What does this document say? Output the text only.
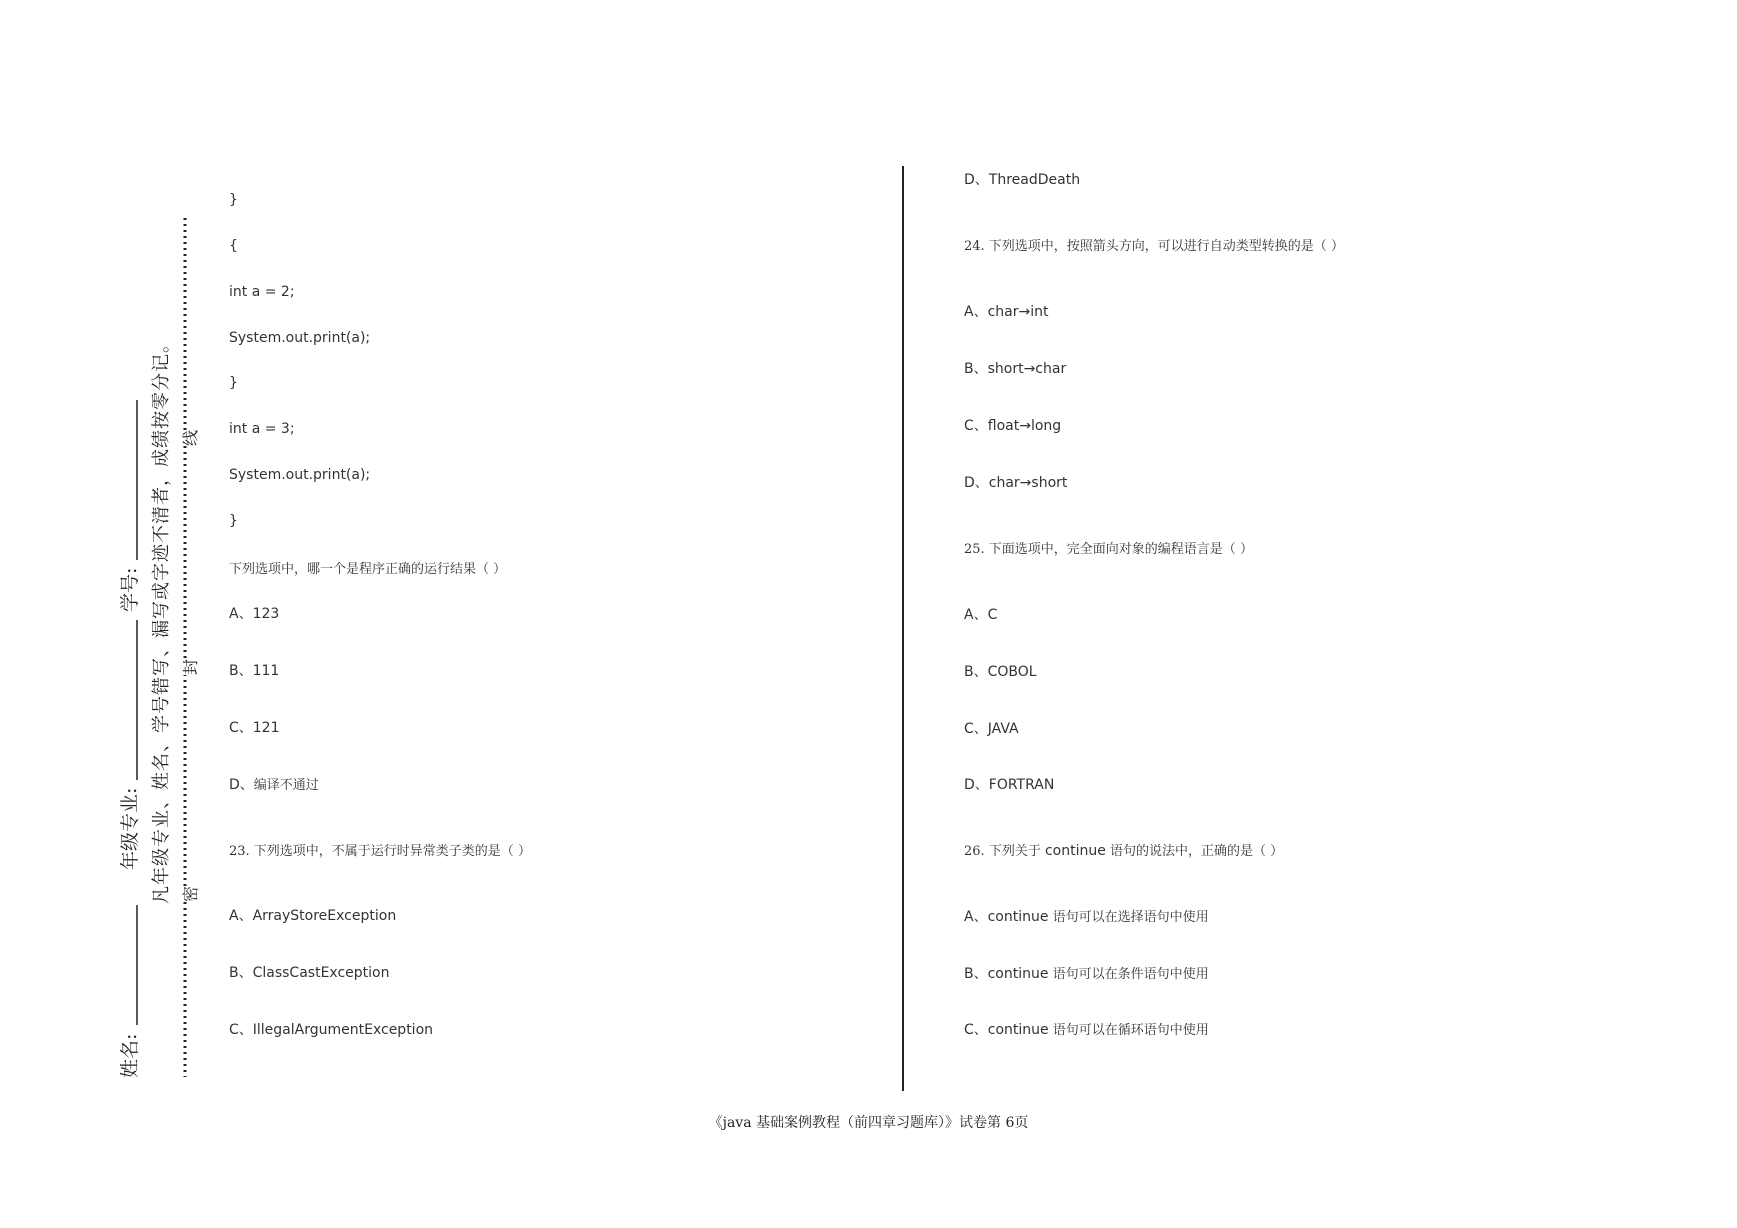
姓名:
年级专业:
学号: 凡年级专业、姓名、学号错写、漏写或字迹不清者，成绩按零分记。 密
封
线
}
{
int a = 2;
System.out.print(a);
}
int a = 3;
System.out.print(a);
}
下列选项中，哪一个是程序正确的运行结果（ ）
A、123
B、111
C、121
D、编译不通过
23. 下列选项中，不属于运行时异常类子类的是（ ）
A、ArrayStoreException
B、ClassCastException
C、IllegalArgumentException
D、ThreadDeath
24. 下列选项中，按照箭头方向，可以进行自动类型转换的是（ ）
A、char→int
B、short→char
C、float→long
D、char→short
25. 下面选项中，完全面向对象的编程语言是（ ）
A、C
B、COBOL
C、JAVA
D、FORTRAN
26. 下列关于 continue 语句的说法中，正确的是（ ）
A、continue 语句可以在选择语句中使用
B、continue 语句可以在条件语句中使用
C、continue 语句可以在循环语句中使用
《java 基础案例教程（前四章习题库）》试卷第 6页
